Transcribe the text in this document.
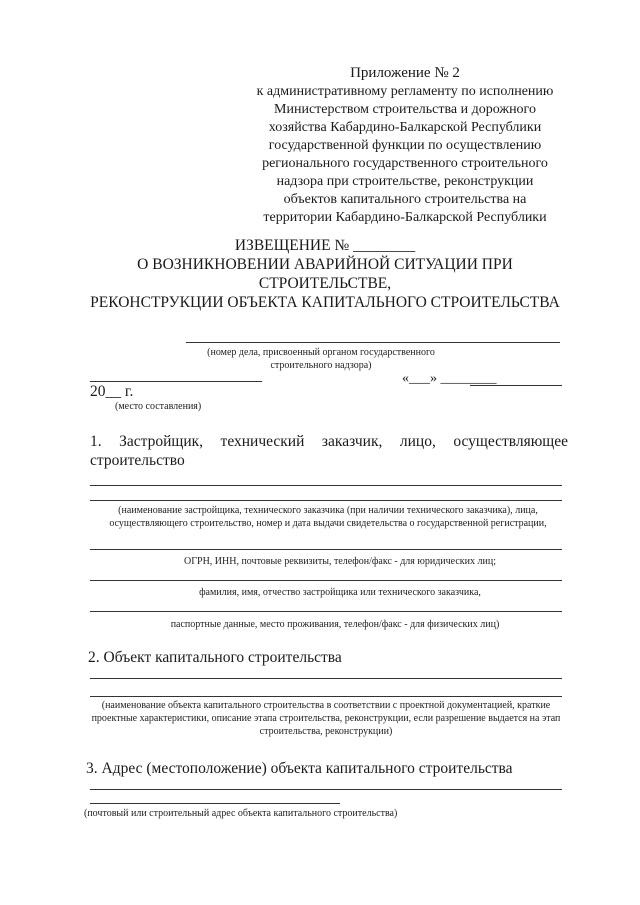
Приложение № 2
к административному регламенту по исполнению
Министерством строительства и дорожного
хозяйства Кабардино-Балкарской Республики
государственной функции по осуществлению
регионального государственного строительного
надзора при строительстве, реконструкции
объектов капитального строительства на
территории Кабардино-Балкарской Республики
ИЗВЕЩЕНИЕ № ________
О ВОЗНИКНОВЕНИИ АВАРИЙНОЙ СИТУАЦИИ ПРИ
СТРОИТЕЛЬСТВЕ,
РЕКОНСТРУКЦИИ ОБЪЕКТА КАПИТАЛЬНОГО СТРОИТЕЛЬСТВА
(номер дела, присвоенный органом государственного строительного надзора)
«___» ________
20__ г.
(место составления)
1. Застройщик, технический заказчик, лицо, осуществляющее
строительство
(наименование застройщика, технического заказчика (при наличии технического заказчика), лица, осуществляющего строительство, номер и дата выдачи свидетельства о государственной регистрации,
ОГРН, ИНН, почтовые реквизиты, телефон/факс - для юридических лиц;
фамилия, имя, отчество застройщика или технического заказчика,
паспортные данные, место проживания, телефон/факс - для физических лиц)
2. Объект капитального строительства
(наименование объекта капитального строительства в соответствии с проектной документацией, краткие проектные характеристики, описание этапа строительства, реконструкции, если разрешение выдается на этап строительства, реконструкции)
3. Адрес (местоположение) объекта капитального строительства
(почтовый или строительный адрес объекта капитального строительства)
